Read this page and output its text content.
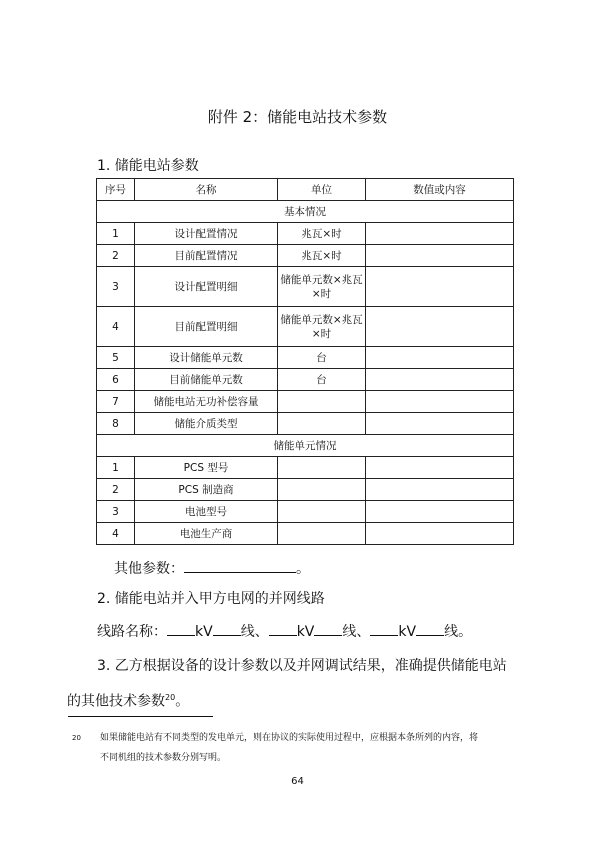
附件 2：储能电站技术参数
1. 储能电站参数
序号	名称	单位	数值或内容
基本情况			
1	设计配置情况	兆瓦×时	
2	目前配置情况	兆瓦×时	
3	设计配置明细	储能单元数×兆瓦×时	
4	目前配置明细	储能单元数×兆瓦×时	
5	设计储能单元数	台	
6	目前储能单元数	台	
7	储能电站无功补偿容量		
8	储能介质类型		
储能单元情况			
1	PCS 型号		
2	PCS 制造商		
3	电池型号		
4	电池生产商		
其他参数：	。
2. 储能电站并入甲方电网的并网线路
线路名称： kV 线、 kV 线、 kV 线。
3. 乙方根据设备的设计参数以及并网调试结果，准确提供储能电站
的其他技术参数$^{20}$。
20 如果储能电站有不同类型的发电单元，则在协议的实际使用过程中，应根据本条所列的内容，将
不同机组的技术参数分别写明。
64
